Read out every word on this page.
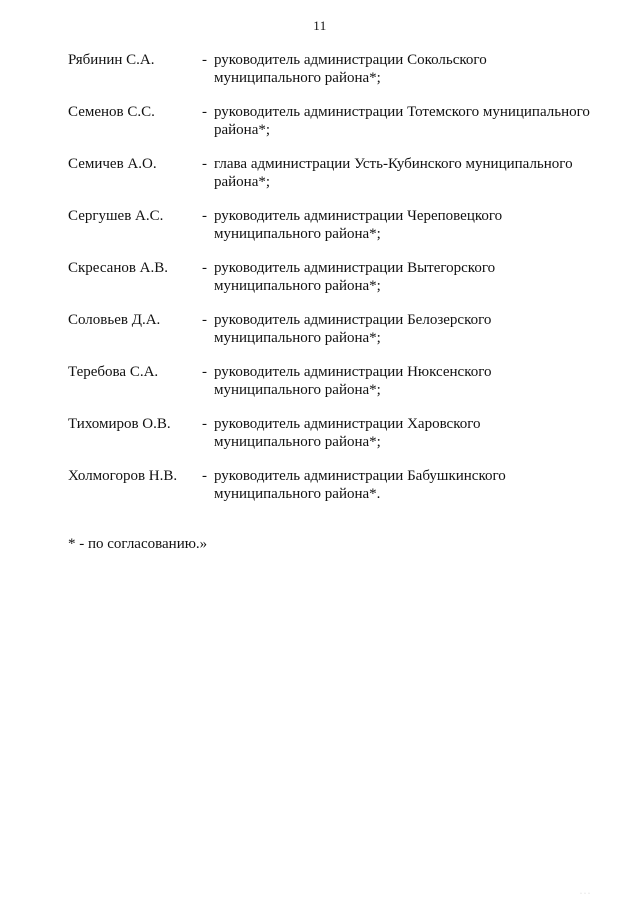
11
Рябинин С.А.	- руководитель администрации Сокольского
муниципального района*;
Семенов С.С.	- руководитель администрации Тотемского муниципального
района*;
Семичев А.О.	- глава администрации Усть-Кубинского муниципального
района*;
Сергушев А.С.	- руководитель администрации Череповецкого
муниципального района*;
Скресанов А.В.	- руководитель администрации Вытегорского
муниципального района*;
Соловьев Д.А.	- руководитель администрации Белозерского
муниципального района*;
Теребова С.А.	- руководитель администрации Нюксенского
муниципального района*;
Тихомиров О.В.	- руководитель администрации Харовского
муниципального района*;
Холмогоров Н.В.	- руководитель администрации Бабушкинского
муниципального района*.
* - по согласованию.»
···
